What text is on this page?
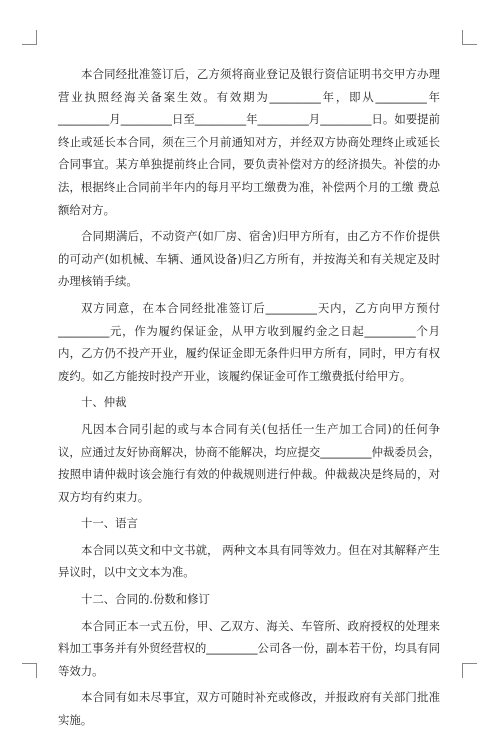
本合同经批准签订后，乙方须将商业登记及银行资信证明书交甲方办理营业执照经海关备案生效。有效期为_________年，即从_________年_________月_________日至_________年_________月_________日。如要提前终止或延长本合同，须在三个月前通知对方，并经双方协商处理终止或延长合同事宜。某方单独提前终止合同，要负责补偿对方的经济损失。补偿的办法，根据终止合同前半年内的每月平均工缴费为准，补偿两个月的工缴 费总额给对方。

合同期满后，不动资产(如厂房、宿舍)归甲方所有，由乙方不作价提供的可动产(如机械、车辆、通风设备)归乙方所有，并按海关和有关规定及时办理核销手续。

双方同意，在本合同经批准签订后_________天内，乙方向甲方预付_________元，作为履约保证金，从甲方收到履约金之日起_________个月内，乙方仍不投产开业，履约保证金即无条件归甲方所有，同时，甲方有权废约。如乙方能按时投产开业，该履约保证金可作工缴费抵付给甲方。

十、仲裁

凡因本合同引起的或与本合同有关(包括任一生产加工合同)的任何争议，应通过友好协商解决，协商不能解决，均应提交_________仲裁委员会，按照申请仲裁时该会施行有效的仲裁规则进行仲裁。仲裁裁决是终局的，对双方均有约束力。

十一、语言

本合同以英文和中文书就， 两种文本具有同等效力。但在对其解释产生异议时，以中文文本为准。

十二、合同的.份数和修订

本合同正本一式五份，甲、乙双方、海关、车管所、政府授权的处理来料加工事务并有外贸经营权的_________公司各一份，副本若干份，均具有同等效力。

本合同有如未尽事宜，双方可随时补充或修改，并报政府有关部门批准实施。
